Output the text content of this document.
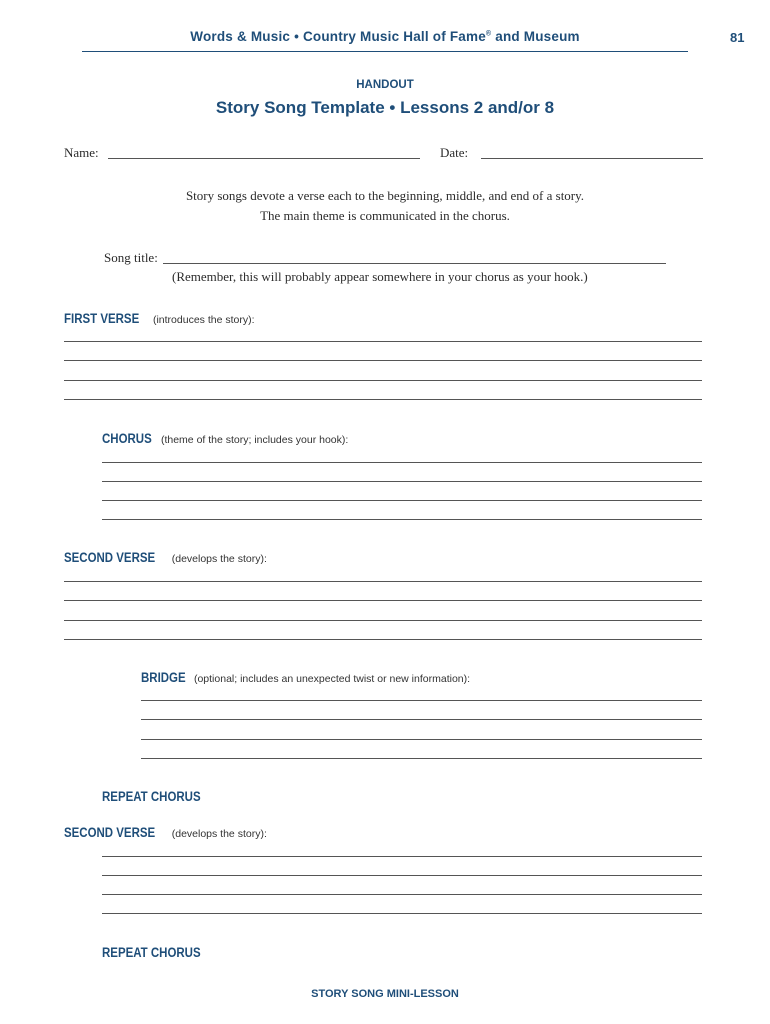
Words & Music • Country Music Hall of Fame® and Museum	81
HANDOUT
Story Song Template • Lessons 2 and/or 8
Name:	Date:
Story songs devote a verse each to the beginning, middle, and end of a story.
The main theme is communicated in the chorus.
Song title:
(Remember, this will probably appear somewhere in your chorus as your hook.)
FIRST VERSE (introduces the story):
CHORUS (theme of the story; includes your hook):
SECOND VERSE (develops the story):
BRIDGE (optional; includes an unexpected twist or new information):
REPEAT CHORUS
SECOND VERSE (develops the story):
REPEAT CHORUS
STORY SONG MINI-LESSON
